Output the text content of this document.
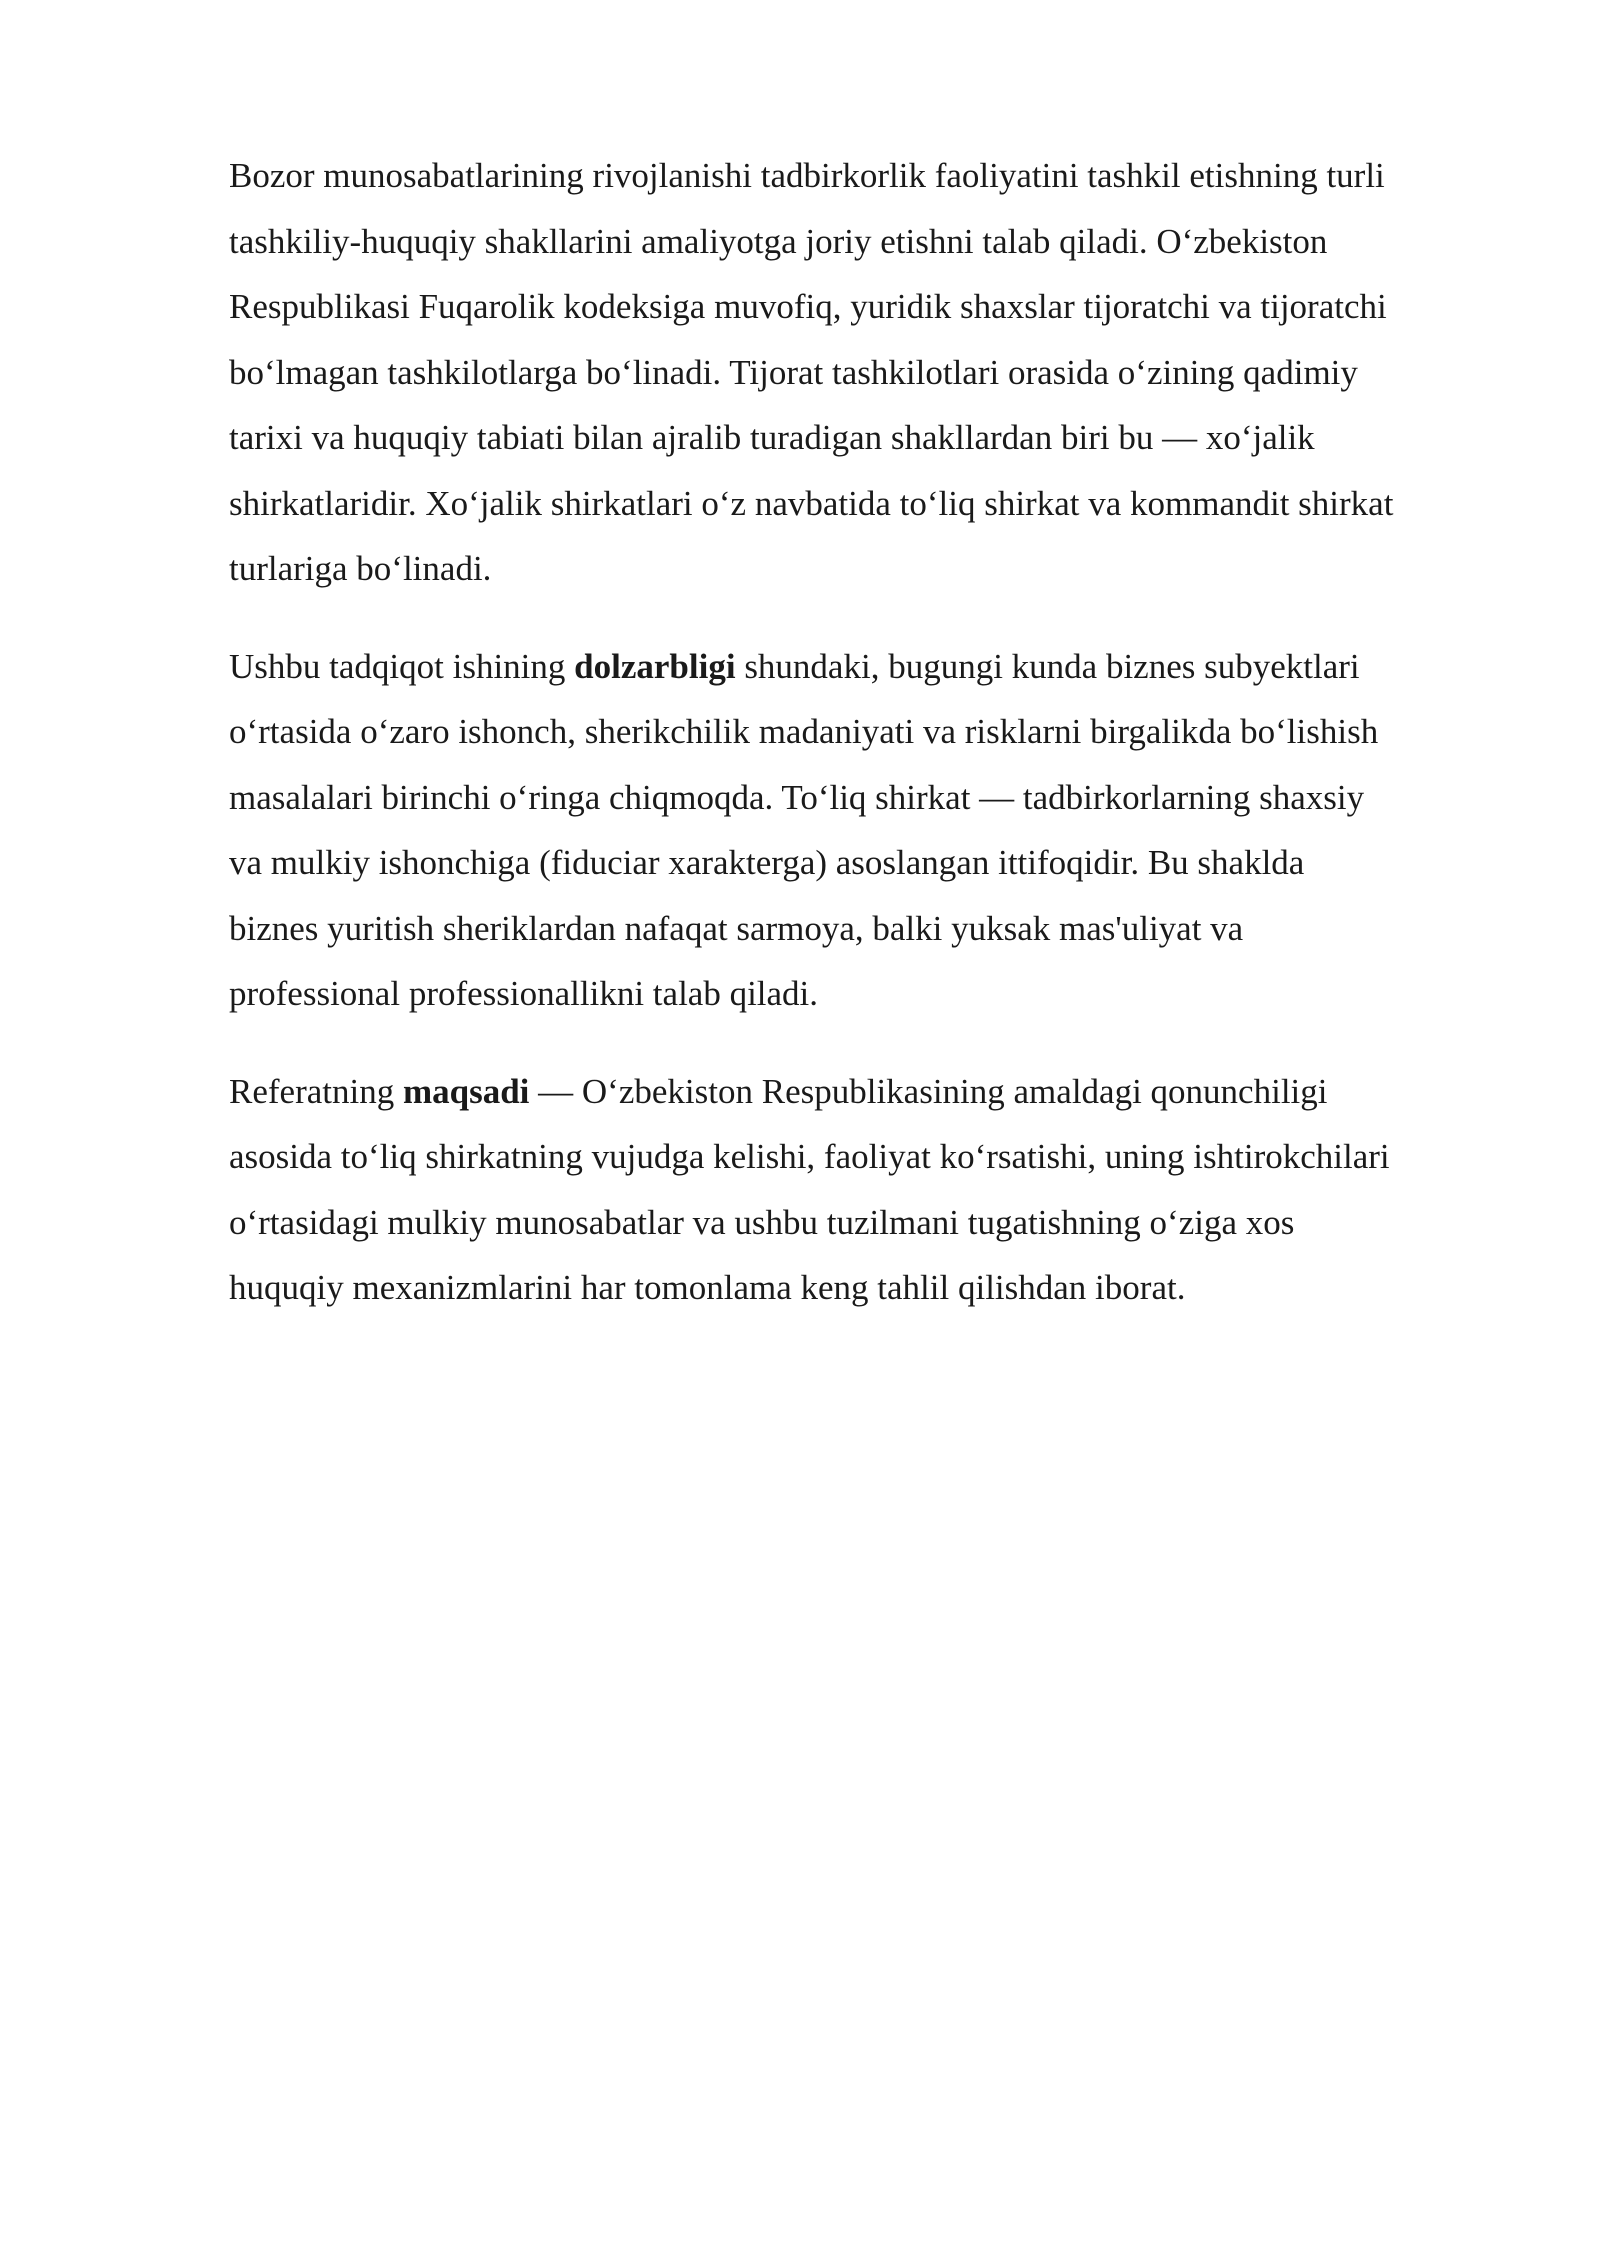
Bozor munosabatlarining rivojlanishi tadbirkorlik faoliyatini tashkil etishning turli
tashkiliy-huquqiy shakllarini amaliyotga joriy etishni talab qiladi. O‘zbekiston
Respublikasi Fuqarolik kodeksiga muvofiq, yuridik shaxslar tijoratchi va tijoratchi
bo‘lmagan tashkilotlarga bo‘linadi. Tijorat tashkilotlari orasida o‘zining qadimiy
tarixi va huquqiy tabiati bilan ajralib turadigan shakllardan biri bu — xo‘jalik
shirkatlaridir. Xo‘jalik shirkatlari o‘z navbatida to‘liq shirkat va kommandit shirkat
turlariga bo‘linadi.

Ushbu tadqiqot ishining dolzarbligi shundaki, bugungi kunda biznes subyektlari
o‘rtasida o‘zaro ishonch, sherikchilik madaniyati va risklarni birgalikda bo‘lishish
masalalari birinchi o‘ringa chiqmoqda. To‘liq shirkat — tadbirkorlarning shaxsiy
va mulkiy ishonchiga (fiduciar xarakterga) asoslangan ittifoqidir. Bu shaklda
biznes yuritish sheriklardan nafaqat sarmoya, balki yuksak mas'uliyat va
professional professionallikni talab qiladi.

Referatning maqsadi — O‘zbekiston Respublikasining amaldagi qonunchiligi
asosida to‘liq shirkatning vujudga kelishi, faoliyat ko‘rsatishi, uning ishtirokchilari
o‘rtasidagi mulkiy munosabatlar va ushbu tuzilmani tugatishning o‘ziga xos
huquqiy mexanizmlarini har tomonlama keng tahlil qilishdan iborat.
